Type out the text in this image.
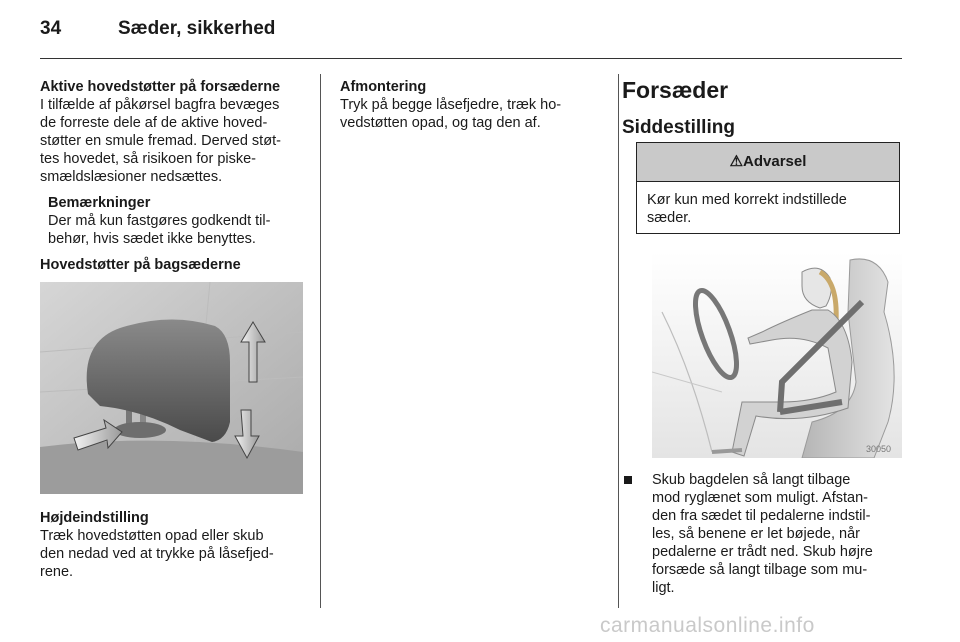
34	Sæder, sikkerhed

Aktive hovedstøtter på forsæderne

I tilfælde af påkørsel bagfra bevæges

de forreste dele af de aktive hoved-

støtter en smule fremad. Derved støt-

tes hovedet, så risikoen for piske-

smældslæsioner nedsættes.

Bemærkninger

Der må kun fastgøres godkendt til-

behør, hvis sædet ikke benyttes.

Hovedstøtter på bagsæderne

Højdeindstilling

Træk hovedstøtten opad eller skub

den nedad ved at trykke på låsefjed-

rene.

Afmontering

Tryk på begge låsefjedre, træk ho-

vedstøtten opad, og tag den af.

Forsæder

Siddestilling

⚠Advarsel
Kør kun med korrekt indstillede
sæder.
30050
Skub bagdelen så langt tilbage
mod ryglænet som muligt. Afstan-
den fra sædet til pedalerne indstil-
les, så benene er let bøjede, når
pedalerne er trådt ned. Skub højre
forsæde så langt tilbage som mu-
ligt.
carmanualsonline.info
